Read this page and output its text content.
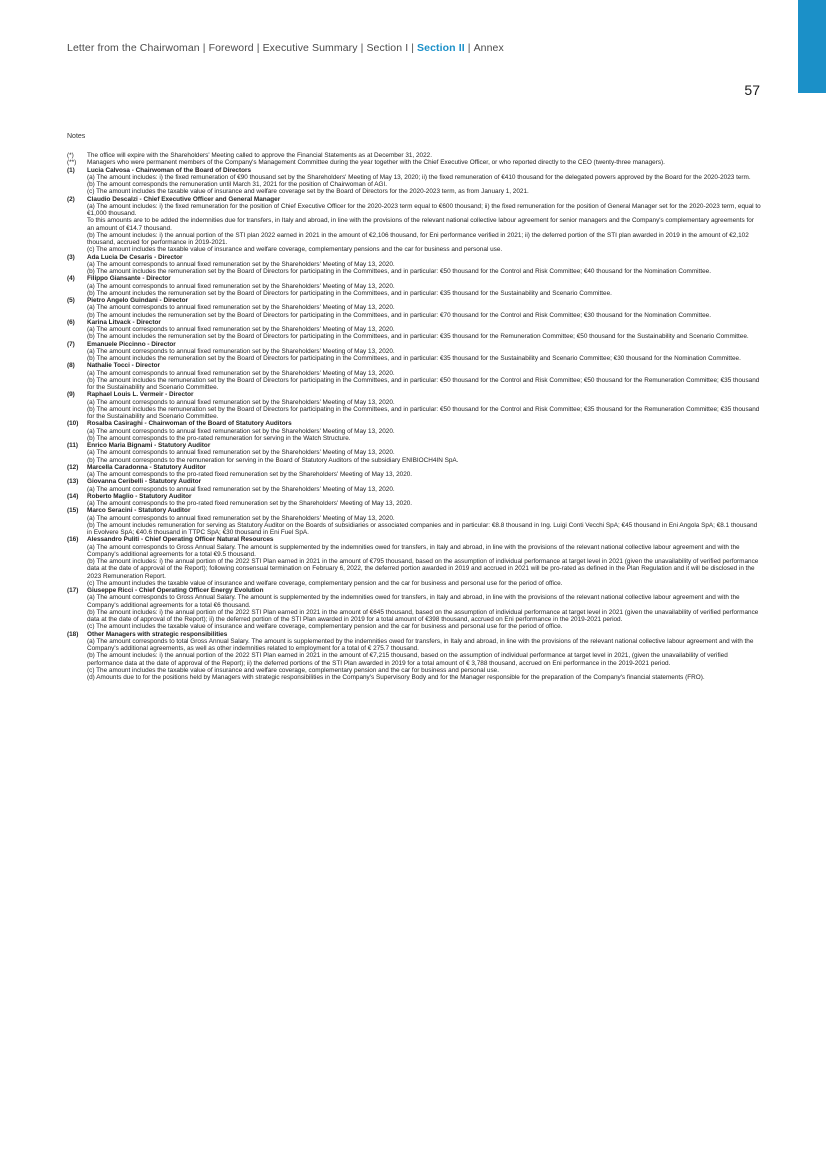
Letter from the Chairwoman | Foreword | Executive Summary | Section I | Section II | Annex
57
Notes
(*) The office will expire with the Shareholders' Meeting called to approve the Financial Statements as at December 31, 2022.
(**) Managers who were permanent members of the Company's Management Committee during the year together with the Chief Executive Officer, or who reported directly to the CEO (twenty-three managers).
(1) Lucia Calvosa - Chairwoman of the Board of Directors
(a) The amount includes: i) the fixed remuneration of €90 thousand set by the Shareholders' Meeting of May 13, 2020; ii) the fixed remuneration of €410 thousand for the delegated powers approved by the Board for the 2020-2023 term.
(b) The amount corresponds the remuneration until March 31, 2021 for the position of Chairwoman of AGI.
(c) The amount includes the taxable value of insurance and welfare coverage set by the Board of Directors for the 2020-2023 term, as from January 1, 2021.
(2) Claudio Descalzi - Chief Executive Officer and General Manager
(a) The amount includes: i) the fixed remuneration for the position of Chief Executive Officer for the 2020-2023 term equal to €600 thousand; ii) the fixed remuneration for the position of General Manager set for the 2020-2023 term, equal to €1,000 thousand.
To this amounts are to be added the indemnities due for transfers, in Italy and abroad, in line with the provisions of the relevant national collective labour agreement for senior managers and the Company's complementary agreements for an amount of €14.7 thousand.
(b) The amount includes: i) the annual portion of the STI plan 2022 earned in 2021 in the amount of €2,106 thousand, for Eni performance verified in 2021; ii) the deferred portion of the STI plan awarded in 2019 in the amount of €2,102 thousand, accrued for performance in 2019-2021.
(c) The amount includes the taxable value of insurance and welfare coverage, complementary pensions and the car for business and personal use.
(3) Ada Lucia De Cesaris - Director
(a) The amount corresponds to annual fixed remuneration set by the Shareholders' Meeting of May 13, 2020.
(b) The amount includes the remuneration set by the Board of Directors for participating in the Committees, and in particular: €50 thousand for the Control and Risk Committee; €40 thousand for the Nomination Committee.
(4) Filippo Giansante - Director
(a) The amount corresponds to annual fixed remuneration set by the Shareholders' Meeting of May 13, 2020.
(b) The amount includes the remuneration set by the Board of Directors for participating in the Committees, and in particular: €35 thousand for the Sustainability and Scenario Committee.
(5) Pietro Angelo Guindani - Director
(a) The amount corresponds to annual fixed remuneration set by the Shareholders' Meeting of May 13, 2020.
(b) The amount includes the remuneration set by the Board of Directors for participating in the Committees, and in particular: €70 thousand for the Control and Risk Committee; €30 thousand for the Nomination Committee.
(6) Karina Litvack - Director
(a) The amount corresponds to annual fixed remuneration set by the Shareholders' Meeting of May 13, 2020.
(b) The amount includes the remuneration set by the Board of Directors for participating in the Committees, and in particular: €35 thousand for the Remuneration Committee; €50 thousand for the Sustainability and Scenario Committee.
(7) Emanuele Piccinno - Director
(a) The amount corresponds to annual fixed remuneration set by the Shareholders' Meeting of May 13, 2020.
(b) The amount includes the remuneration set by the Board of Directors for participating in the Committees, and in particular: €35 thousand for the Sustainability and Scenario Committee; €30 thousand for the Nomination Committee.
(8) Nathalie Tocci - Director
(a) The amount corresponds to annual fixed remuneration set by the Shareholders' Meeting of May 13, 2020.
(b) The amount includes the remuneration set by the Board of Directors for participating in the Committees, and in particular: €50 thousand for the Control and Risk Committee; €50 thousand for the Remuneration Committee; €35 thousand for the Sustainability and Scenario Committee.
(9) Raphael Louis L. Vermeir - Director
(a) The amount corresponds to annual fixed remuneration set by the Shareholders' Meeting of May 13, 2020.
(b) The amount includes the remuneration set by the Board of Directors for participating in the Committees, and in particular: €50 thousand for the Control and Risk Committee; €35 thousand for the Remuneration Committee; €35 thousand for the Sustainability and Scenario Committee.
(10) Rosalba Casiraghi - Chairwoman of the Board of Statutory Auditors
(a) The amount corresponds to annual fixed remuneration set by the Shareholders' Meeting of May 13, 2020.
(b) The amount corresponds to the pro-rated remuneration for serving in the Watch Structure.
(11) Enrico Maria Bignami - Statutory Auditor
(a) The amount corresponds to annual fixed remuneration set by the Shareholders' Meeting of May 13, 2020.
(b) The amount corresponds to the remuneration for serving in the Board of Statutory Auditors of the subsidiary ENIBIOCH4IN SpA.
(12) Marcella Caradonna - Statutory Auditor
(a) The amount corresponds to the pro-rated fixed remuneration set by the Shareholders' Meeting of May 13, 2020.
(13) Giovanna Ceribelli - Statutory Auditor
(a) The amount corresponds to annual fixed remuneration set by the Shareholders' Meeting of May 13, 2020.
(14) Roberto Maglio - Statutory Auditor
(a) The amount corresponds to the pro-rated fixed remuneration set by the Shareholders' Meeting of May 13, 2020.
(15) Marco Seracini - Statutory Auditor
(a) The amount corresponds to annual fixed remuneration set by the Shareholders' Meeting of May 13, 2020.
(b) The amount includes remuneration for serving as Statutory Auditor on the Boards of subsidiaries or associated companies and in particular: €8.8 thousand in Ing. Luigi Conti Vecchi SpA; €45 thousand in Eni Angola SpA; €8.1 thousand in Evolvere SpA; €40.6 thousand in TTPC SpA; €30 thousand in Eni Fuel SpA.
(16) Alessandro Puliti - Chief Operating Officer Natural Resources
(a) The amount corresponds to Gross Annual Salary. The amount is supplemented by the indemnities owed for transfers, in Italy and abroad, in line with the provisions of the relevant national collective labour agreement and with the Company's additional agreements for a total €9.5 thousand.
(b) The amount includes: i) the annual portion of the 2022 STI Plan earned in 2021 in the amount of €795 thousand, based on the assumption of individual performance at target level in 2021 (given the unavailability of verified performance data at the date of approval of the Report); following consensual termination on February 6, 2022, the deferred portion awarded in 2019 and accrued in 2021 will be pro-rated as defined in the Plan Regulation and it will be disclosed in the 2023 Remuneration Report.
(c) The amount includes the taxable value of insurance and welfare coverage, complementary pension and the car for business and personal use for the period of office.
(17) Giuseppe Ricci - Chief Operating Officer Energy Evolution
(a) The amount corresponds to Gross Annual Salary. The amount is supplemented by the indemnities owed for transfers, in Italy and abroad, in line with the provisions of the relevant national collective labour agreement and with the Company's additional agreements for a total €6 thousand.
(b) The amount includes: i) the annual portion of the 2022 STI Plan earned in 2021 in the amount of €645 thousand, based on the assumption of individual performance at target level in 2021 (given the unavailability of verified performance data at the date of approval of the Report); ii) the deferred portion of the STI Plan awarded in 2019 for a total amount of €398 thousand, accrued on Eni performance in the 2019-2021 period.
(c) The amount includes the taxable value of insurance and welfare coverage, complementary pension and the car for business and personal use for the period of office.
(18) Other Managers with strategic responsibilities
(a) The amount corresponds to total Gross Annual Salary. The amount is supplemented by the indemnities owed for transfers, in Italy and abroad, in line with the provisions of the relevant national collective labour agreement and with the Company's additional agreements, as well as other indemnities related to employment for a total of € 275.7 thousand.
(b) The amount includes: i) the annual portion of the 2022 STI Plan earned in 2021 in the amount of €7,215 thousand, based on the assumption of individual performance at target level in 2021, (given the unavailability of verified performance data at the date of approval of the Report); ii) the deferred portions of the STI Plan awarded in 2019 for a total amount of € 3,788 thousand, accrued on Eni performance in the 2019-2021 period.
(c) The amount includes the taxable value of insurance and welfare coverage, complementary pension and the car for business and personal use.
(d) Amounts due to for the positions held by Managers with strategic responsibilities in the Company's Supervisory Body and for the Manager responsible for the preparation of the Company's financial statements (FRO).
